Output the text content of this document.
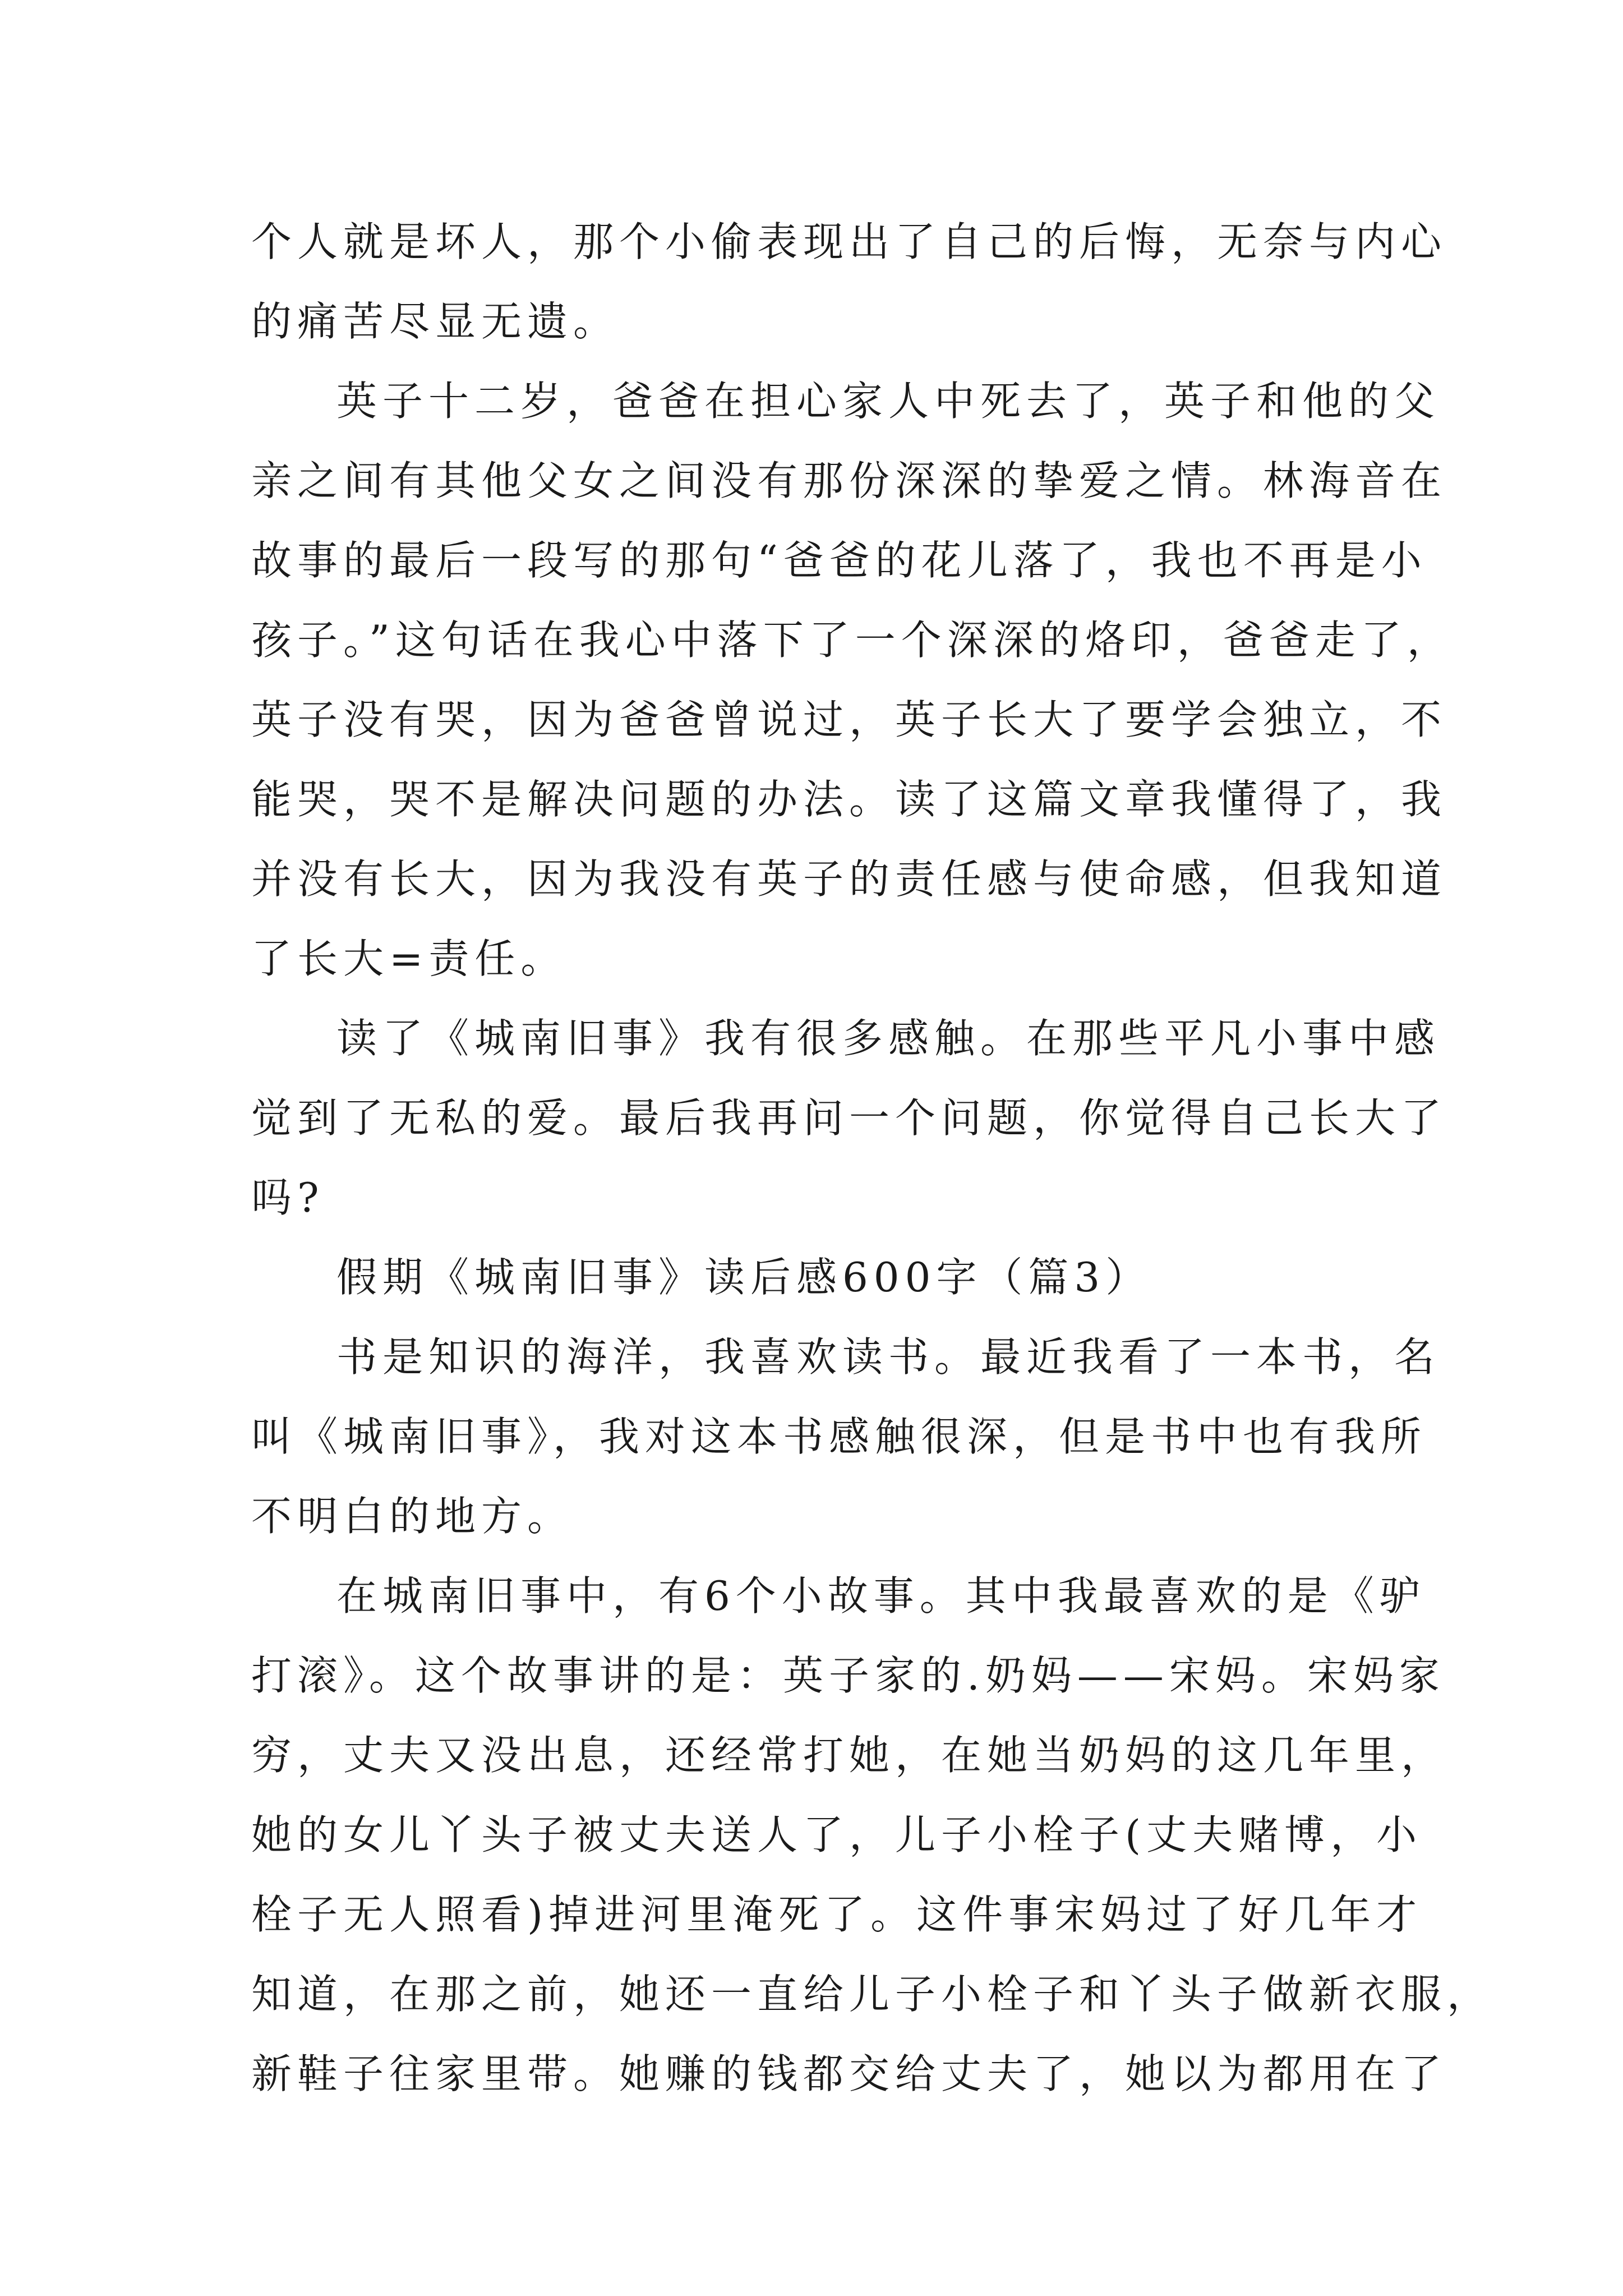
个人就是坏人，那个小偷表现出了自己的后悔，无奈与内心
的痛苦尽显无遗。
英子十二岁，爸爸在担心家人中死去了，英子和他的父
亲之间有其他父女之间没有那份深深的挚爱之情。林海音在
故事的最后一段写的那句“爸爸的花儿落了，我也不再是小
孩子。”这句话在我心中落下了一个深深的烙印，爸爸走了，
英子没有哭，因为爸爸曾说过，英子长大了要学会独立，不
能哭，哭不是解决问题的办法。读了这篇文章我懂得了，我
并没有长大，因为我没有英子的责任感与使命感，但我知道
了长大=责任。
读了《城南旧事》我有很多感触。在那些平凡小事中感
觉到了无私的爱。最后我再问一个问题，你觉得自己长大了
吗?
假期《城南旧事》读后感600字（篇3）
书是知识的海洋，我喜欢读书。最近我看了一本书，名
叫《城南旧事》，我对这本书感触很深，但是书中也有我所
不明白的地方。
在城南旧事中，有6个小故事。其中我最喜欢的是《驴
打滚》。这个故事讲的是：英子家的.奶妈——宋妈。宋妈家
穷，丈夫又没出息，还经常打她，在她当奶妈的这几年里，
她的女儿丫头子被丈夫送人了，儿子小栓子(丈夫赌博，小
栓子无人照看)掉进河里淹死了。这件事宋妈过了好几年才
知道，在那之前，她还一直给儿子小栓子和丫头子做新衣服，
新鞋子往家里带。她赚的钱都交给丈夫了，她以为都用在了
